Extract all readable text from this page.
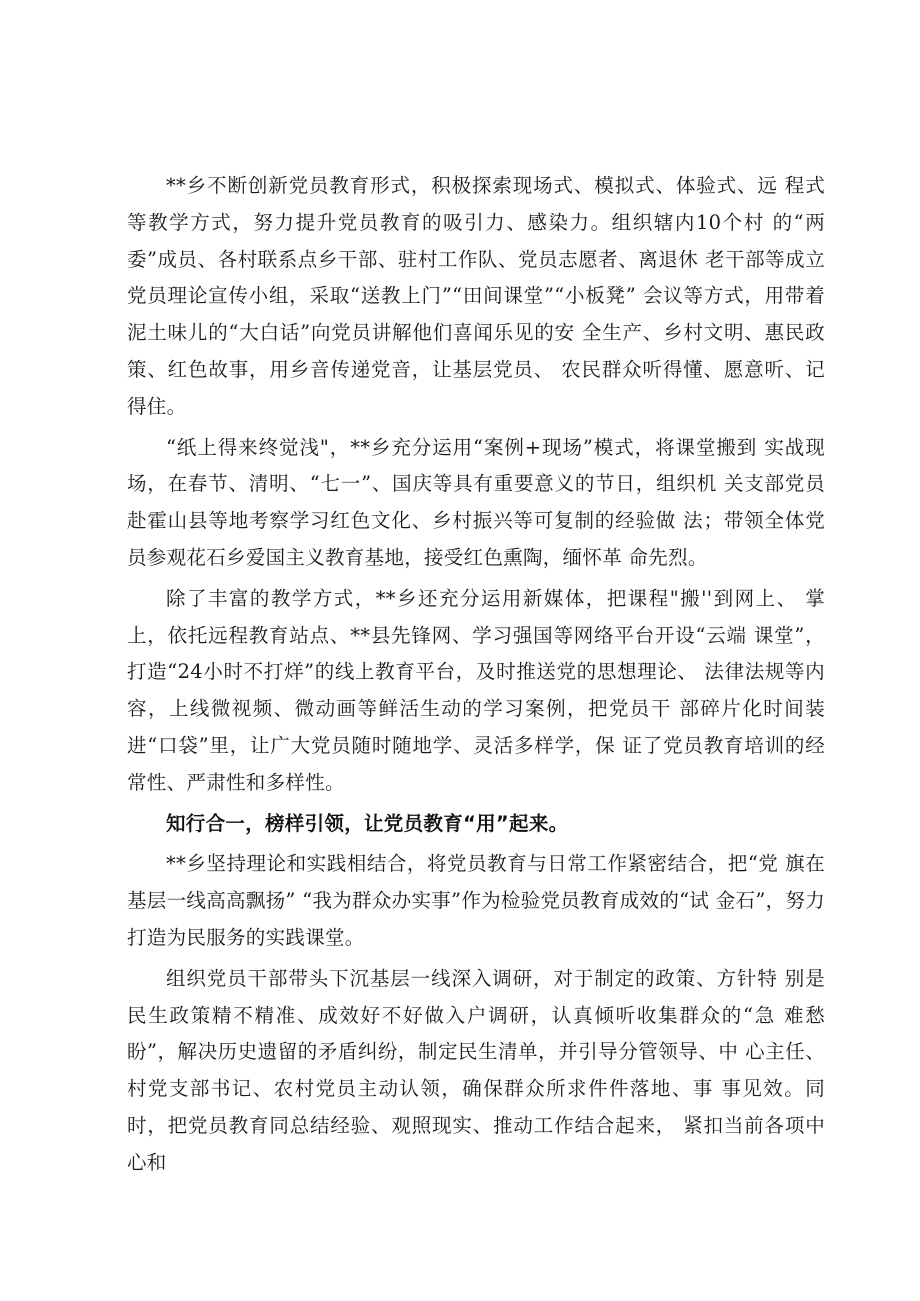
**乡不断创新党员教育形式，积极探索现场式、模拟式、体验式、远 程式等教学方式，努力提升党员教育的吸引力、感染力。组织辖内10个村 的“两委”成员、各村联系点乡干部、驻村工作队、党员志愿者、离退休 老干部等成立党员理论宣传小组，采取“送教上门”“田间课堂”“小板凳” 会议等方式，用带着泥土味儿的“大白话”向党员讲解他们喜闻乐见的安 全生产、乡村文明、惠民政策、红色故事，用乡音传递党音，让基层党员、 农民群众听得懂、愿意听、记得住。

“纸上得来终觉浅"，**乡充分运用“案例+现场”模式，将课堂搬到 实战现场，在春节、清明、“七一”、国庆等具有重要意义的节日，组织机 关支部党员赴霍山县等地考察学习红色文化、乡村振兴等可复制的经验做 法；带领全体党员参观花石乡爱国主义教育基地，接受红色熏陶，缅怀革 命先烈。

除了丰富的教学方式，**乡还充分运用新媒体，把课程"搬''到网上、 掌上，依托远程教育站点、**县先锋网、学习强国等网络平台开设“云端 课堂”，打造“24小时不打烊”的线上教育平台，及时推送党的思想理论、 法律法规等内容，上线微视频、微动画等鲜活生动的学习案例，把党员干 部碎片化时间装进“口袋”里，让广大党员随时随地学、灵活多样学，保 证了党员教育培训的经常性、严肃性和多样性。

知行合一，榜样引领，让党员教育“用”起来。

**乡坚持理论和实践相结合，将党员教育与日常工作紧密结合，把“党 旗在基层一线高高飘扬” “我为群众办实事”作为检验党员教育成效的“试 金石”，努力打造为民服务的实践课堂。

组织党员干部带头下沉基层一线深入调研，对于制定的政策、方针特 别是民生政策精不精准、成效好不好做入户调研，认真倾听收集群众的“急 难愁盼”，解决历史遗留的矛盾纠纷，制定民生清单，并引导分管领导、中 心主任、村党支部书记、农村党员主动认领，确保群众所求件件落地、事 事见效。同时，把党员教育同总结经验、观照现实、推动工作结合起来， 紧扣当前各项中心和
